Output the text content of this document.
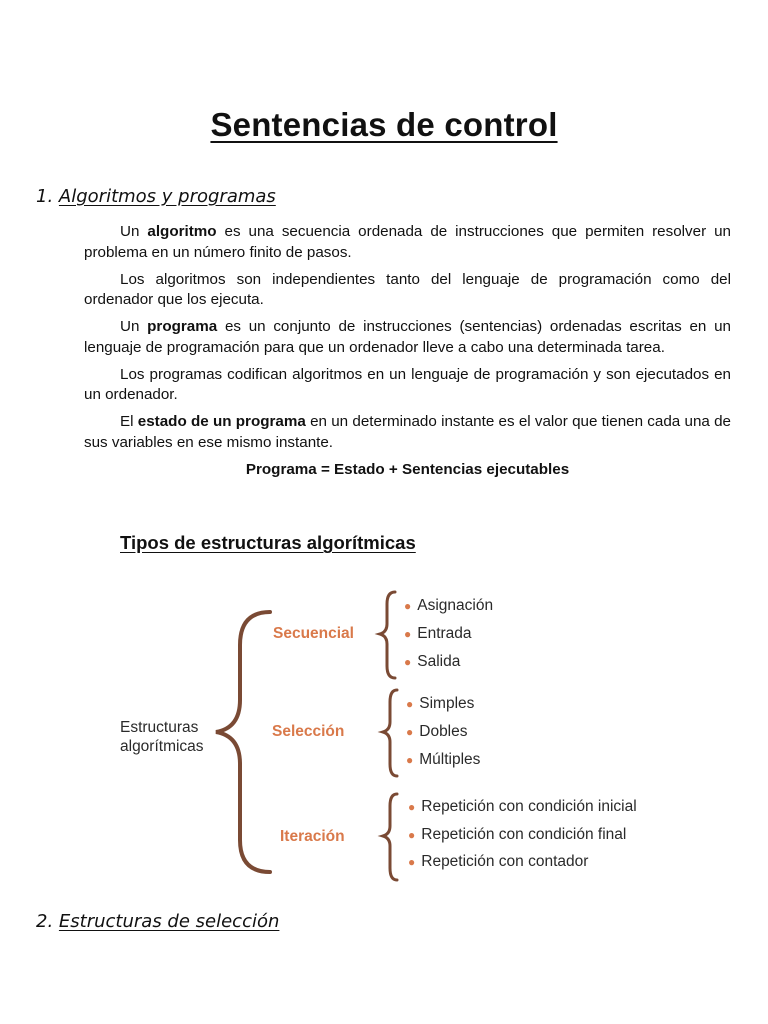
Sentencias de control
1. Algoritmos y programas

Un algoritmo es una secuencia ordenada de instrucciones que permiten resolver un problema en un número finito de pasos.

Los algoritmos son independientes tanto del lenguaje de programación como del ordenador que los ejecuta.

Un programa es un conjunto de instrucciones (sentencias) ordenadas escritas en un lenguaje de programación para que un ordenador lleve a cabo una determinada tarea.

Los programas codifican algoritmos en un lenguaje de programación y son ejecutados en un ordenador.

El estado de un programa en un determinado instante es el valor que tienen cada una de sus variables en ese mismo instante.

Programa = Estado + Sentencias ejecutables

Tipos de estructuras algorítmicas
Estructuras
algorítmicas
Secuencial
Selección
Iteración
● Asignación
● Entrada
● Salida
● Simples
● Dobles
● Múltiples
● Repetición con condición inicial
● Repetición con condición final
● Repetición con contador
2. Estructuras de selección
